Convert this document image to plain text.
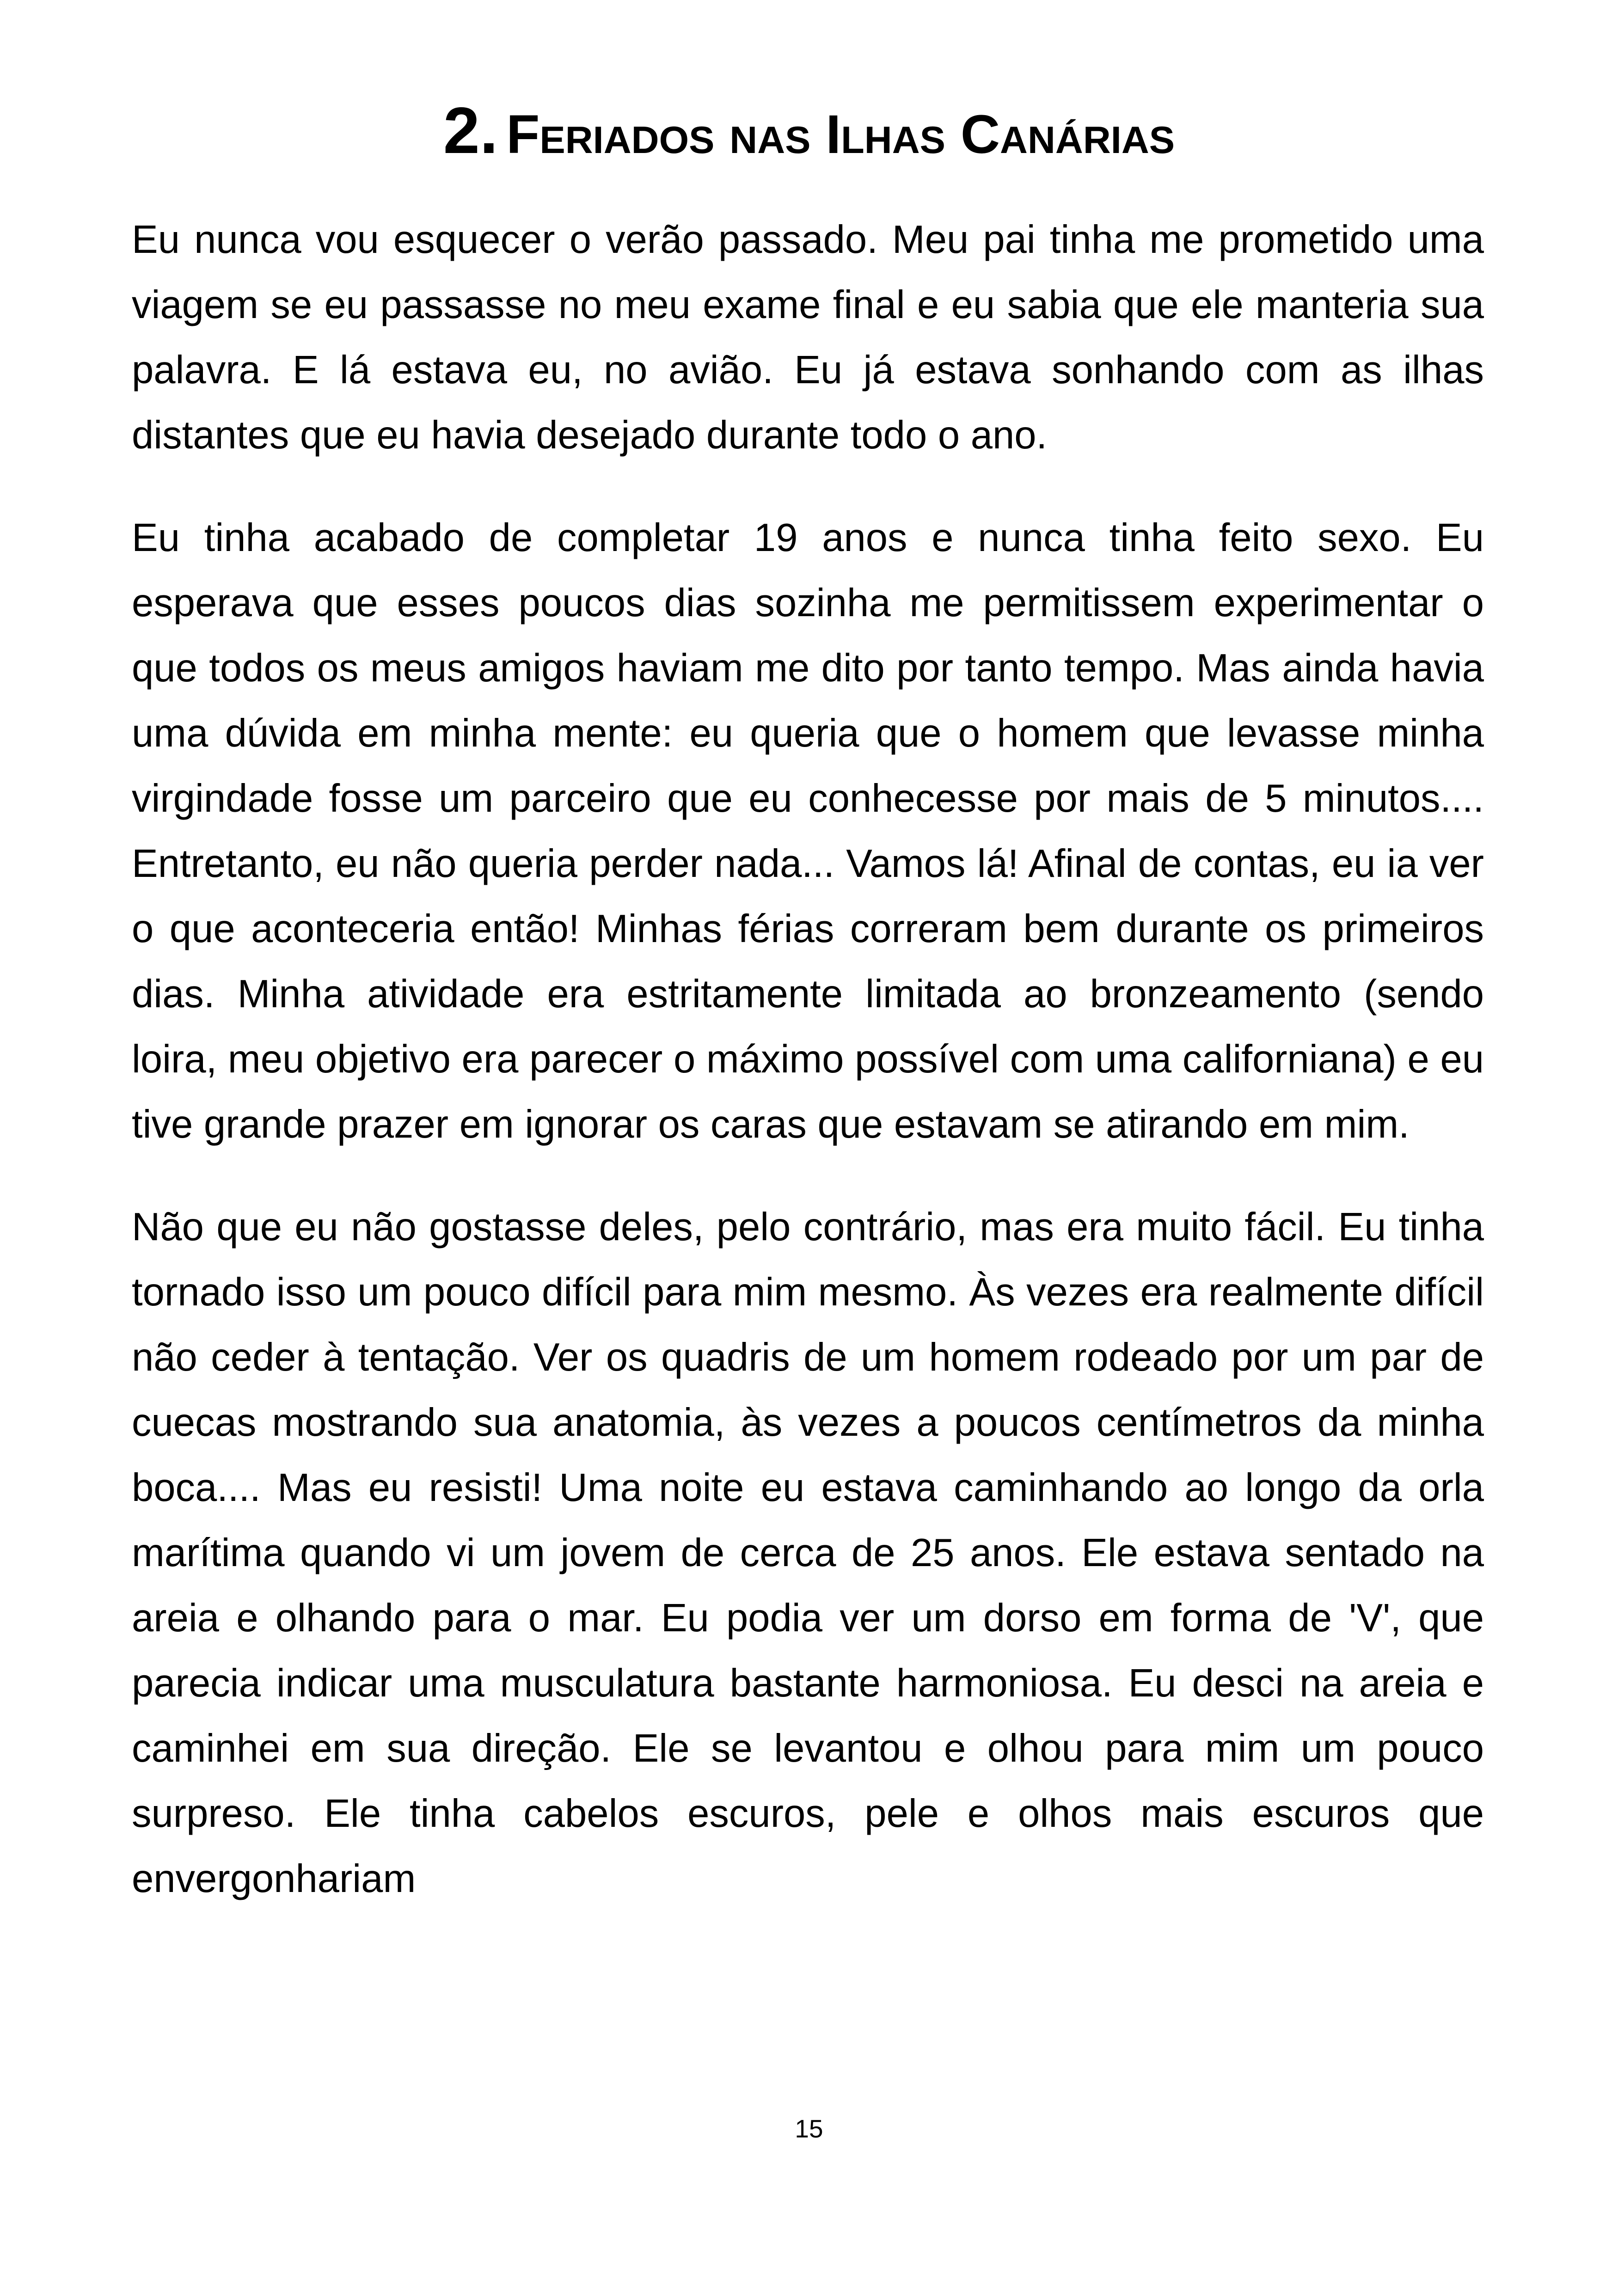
2. Feriados nas Ilhas Canárias

Eu nunca vou esquecer o verão passado. Meu pai tinha me prometido uma viagem se eu passasse no meu exame final e eu sabia que ele manteria sua palavra. E lá estava eu, no avião. Eu já estava sonhando com as ilhas distantes que eu havia desejado durante todo o ano.

Eu tinha acabado de completar 19 anos e nunca tinha feito sexo. Eu esperava que esses poucos dias sozinha me permitissem experimentar o que todos os meus amigos haviam me dito por tanto tempo. Mas ainda havia uma dúvida em minha mente: eu queria que o homem que levasse minha virgindade fosse um parceiro que eu conhecesse por mais de 5 minutos.... Entretanto, eu não queria perder nada... Vamos lá! Afinal de contas, eu ia ver o que aconteceria então! Minhas férias correram bem durante os primeiros dias. Minha atividade era estritamente limitada ao bronzeamento (sendo loira, meu objetivo era parecer o máximo possível com uma californiana) e eu tive grande prazer em ignorar os caras que estavam se atirando em mim.

Não que eu não gostasse deles, pelo contrário, mas era muito fácil. Eu tinha tornado isso um pouco difícil para mim mesmo. Às vezes era realmente difícil não ceder à tentação. Ver os quadris de um homem rodeado por um par de cuecas mostrando sua anatomia, às vezes a poucos centímetros da minha boca.... Mas eu resisti! Uma noite eu estava caminhando ao longo da orla marítima quando vi um jovem de cerca de 25 anos. Ele estava sentado na areia e olhando para o mar. Eu podia ver um dorso em forma de 'V', que parecia indicar uma musculatura bastante harmoniosa. Eu desci na areia e caminhei em sua direção. Ele se levantou e olhou para mim um pouco surpreso. Ele tinha cabelos escuros, pele e olhos mais escuros que envergonhariam

15
